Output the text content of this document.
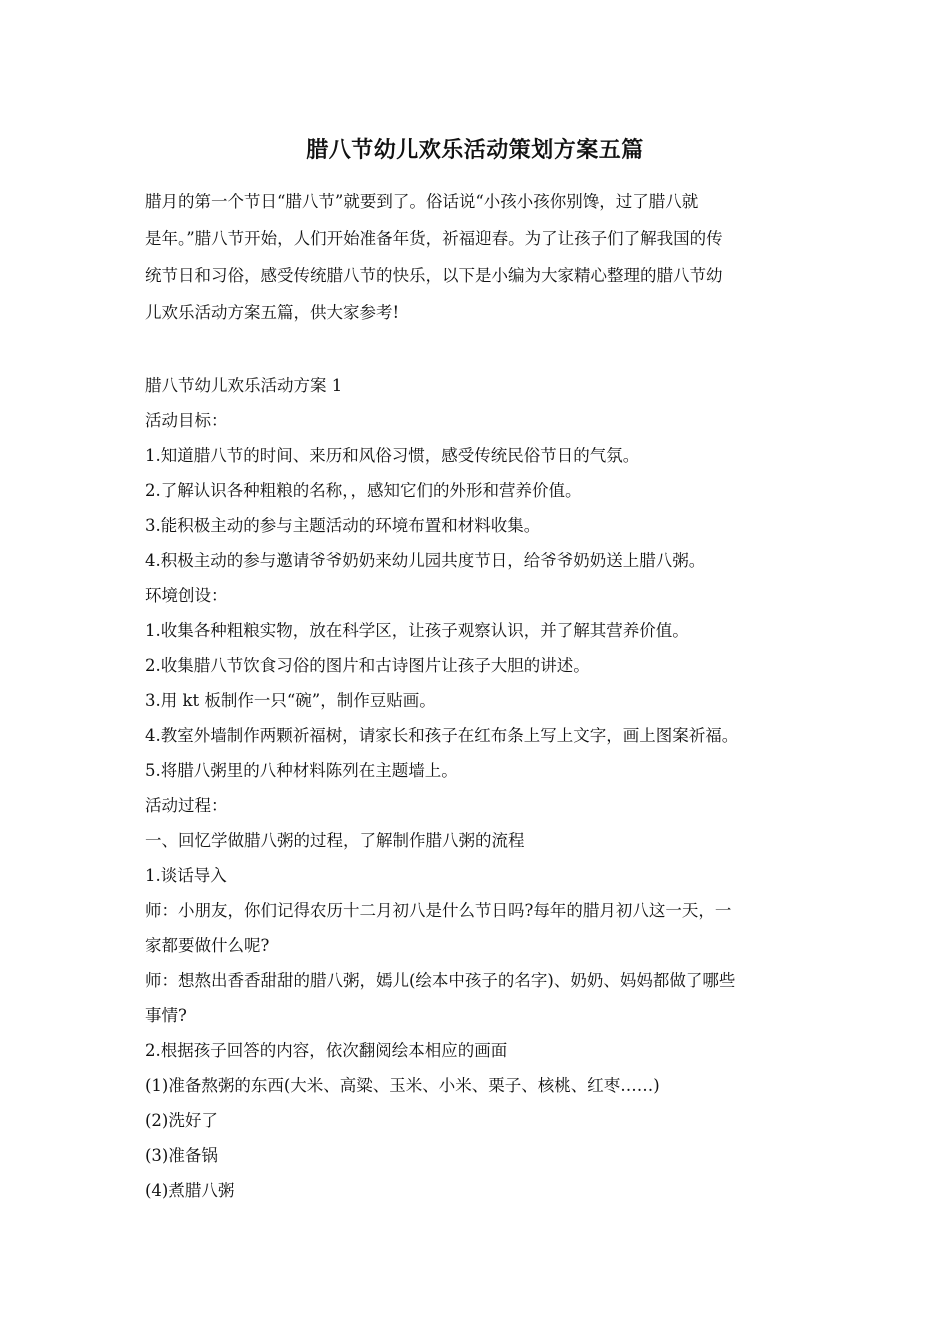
腊八节幼儿欢乐活动策划方案五篇
腊月的第一个节日“腊八节”就要到了。俗话说“小孩小孩你别馋，过了腊八就
是年。”腊八节开始，人们开始准备年货，祈福迎春。为了让孩子们了解我国的传
统节日和习俗，感受传统腊八节的快乐，以下是小编为大家精心整理的腊八节幼
儿欢乐活动方案五篇，供大家参考!
腊八节幼儿欢乐活动方案 1
活动目标：
1.知道腊八节的时间、来历和风俗习惯，感受传统民俗节日的气氛。
2.了解认识各种粗粮的名称，，感知它们的外形和营养价值。
3.能积极主动的参与主题活动的环境布置和材料收集。
4.积极主动的参与邀请爷爷奶奶来幼儿园共度节日，给爷爷奶奶送上腊八粥。
环境创设：
1.收集各种粗粮实物，放在科学区，让孩子观察认识，并了解其营养价值。
2.收集腊八节饮食习俗的图片和古诗图片让孩子大胆的讲述。
3.用 kt 板制作一只“碗”，制作豆贴画。
4.教室外墙制作两颗祈福树，请家长和孩子在红布条上写上文字，画上图案祈福。
5.将腊八粥里的八种材料陈列在主题墙上。
活动过程：
一、回忆学做腊八粥的过程，了解制作腊八粥的流程
1.谈话导入
师：小朋友，你们记得农历十二月初八是什么节日吗?每年的腊月初八这一天，一
家都要做什么呢?
师：想熬出香香甜甜的腊八粥，嫣儿(绘本中孩子的名字)、奶奶、妈妈都做了哪些
事情?
2.根据孩子回答的内容，依次翻阅绘本相应的画面
(1)准备熬粥的东西(大米、高粱、玉米、小米、栗子、核桃、红枣……)
(2)洗好了
(3)准备锅
(4)煮腊八粥
